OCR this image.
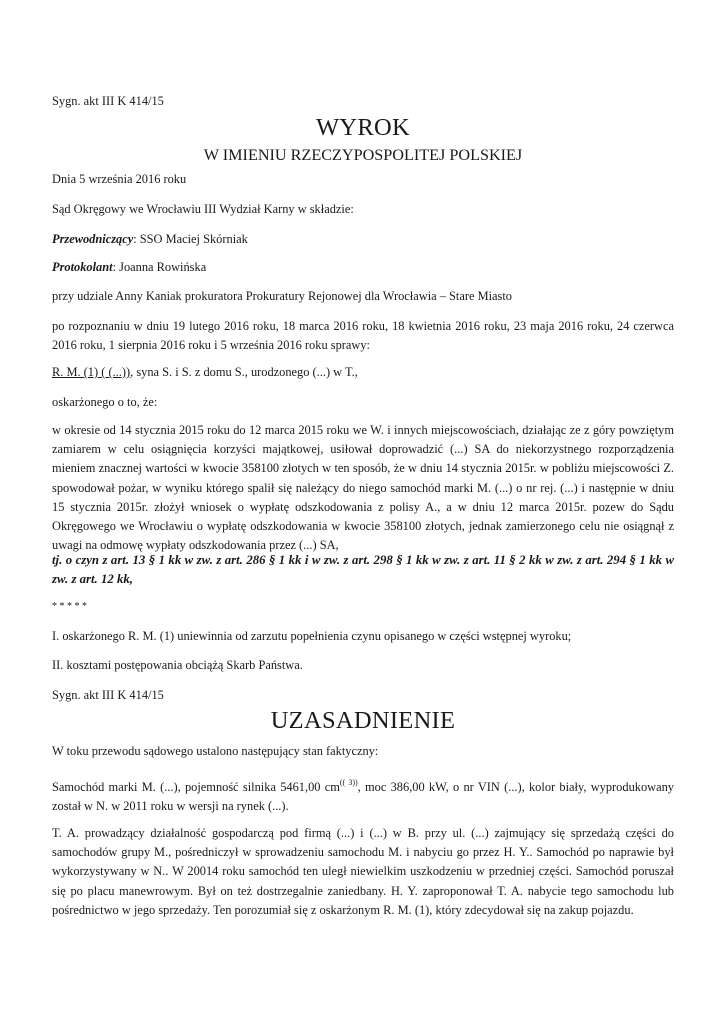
Sygn. akt III K 414/15

WYROK
W IMIENIU RZECZYPOSPOLITEJ POLSKIEJ

Dnia 5 września 2016 roku

Sąd Okręgowy we Wrocławiu III Wydział Karny w składzie:

Przewodniczący: SSO Maciej Skórniak

Protokolant: Joanna Rowińska

przy udziale Anny Kaniak prokuratora Prokuratury Rejonowej dla Wrocławia – Stare Miasto

po rozpoznaniu w dniu 19 lutego 2016 roku, 18 marca 2016 roku, 18 kwietnia 2016 roku, 23 maja 2016 roku, 24 czerwca 2016 roku, 1 sierpnia 2016 roku i 5 września 2016 roku sprawy:

R. M. (1) ( (...)), syna S. i S. z domu S., urodzonego (...) w T.,

oskarżonego o to, że:

w okresie od 14 stycznia 2015 roku do 12 marca 2015 roku we W. i innych miejscowościach, działając ze z góry powziętym zamiarem w celu osiągnięcia korzyści majątkowej, usiłował doprowadzić (...) SA do niekorzystnego rozporządzenia mieniem znacznej wartości w kwocie 358100 złotych w ten sposób, że w dniu 14 stycznia 2015r. w pobliżu miejscowości Z. spowodował pożar, w wyniku którego spalił się należący do niego samochód marki M. (...) o nr rej. (...) i następnie w dniu 15 stycznia 2015r. złożył wniosek o wypłatę odszkodowania z polisy A., a w dniu 12 marca 2015r. pozew do Sądu Okręgowego we Wrocławiu o wypłatę odszkodowania w kwocie 358100 złotych, jednak zamierzonego celu nie osiągnął z uwagi na odmowę wypłaty odszkodowania przez (...) SA,

tj. o czyn z art. 13 § 1 kk w zw. z art. 286 § 1 kk i w zw. z art. 298 § 1 kk w zw. z art. 11 § 2 kk w zw. z art. 294 § 1 kk w zw. z art. 12 kk,

* * * * *

I. oskarżonego R. M. (1) uniewinnia od zarzutu popełnienia czynu opisanego w części wstępnej wyroku;

II. kosztami postępowania obciążą Skarb Państwa.

Sygn. akt III K 414/15

UZASADNIENIE

W toku przewodu sądowego ustalono następujący stan faktyczny:

Samochód marki M. (...), pojemność silnika 5461,00 $cm^{(( 3))}$, moc 386,00 kW, o nr VIN (...), kolor biały, wyprodukowany został w N. w 2011 roku w wersji na rynek (...).

T. A. prowadzący działalność gospodarczą pod firmą (...) i (...) w B. przy ul. (...) zajmujący się sprzedażą części do samochodów grupy M., pośredniczył w sprowadzeniu samochodu M. i nabyciu go przez H. Y.. Samochód po naprawie był wykorzystywany w N.. W 20014 roku samochód ten uległ niewielkim uszkodzeniu w przedniej części. Samochód poruszał się po placu manewrowym. Był on też dostrzegalnie zaniedbany. H. Y. zaproponował T. A. nabycie tego samochodu lub pośrednictwo w jego sprzedaży. Ten porozumiał się z oskarżonym R. M. (1), który zdecydował się na zakup pojazdu.
